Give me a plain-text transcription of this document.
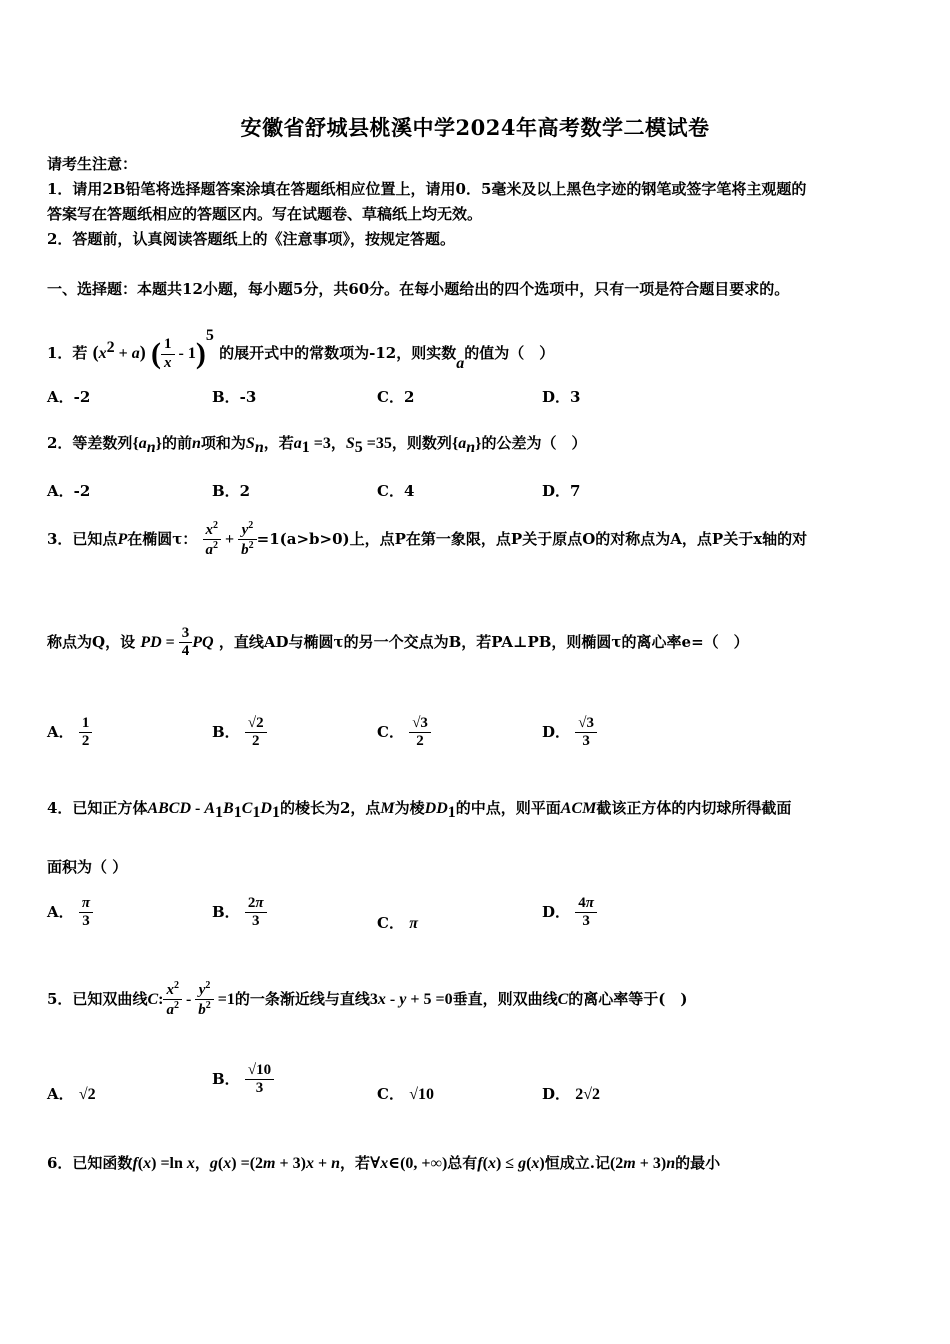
安徽省舒城县桃溪中学2024年高考数学二模试卷
请考生注意：
1．请用2B铅笔将选择题答案涂填在答题纸相应位置上，请用0．5毫米及以上黑色字迹的钢笔或签字笔将主观题的
答案写在答题纸相应的答题区内。写在试题卷、草稿纸上均无效。
2．答题前，认真阅读答题纸上的《注意事项》，按规定答题。
一、选择题：本题共12小题，每小题5分，共60分。在每小题给出的四个选项中，只有一项是符合题目要求的。
1．若 $(x^2 + a)$ ( $\frac{1}{x} - 1)^5$ 的展开式中的常数项为-12，则实数a的值为（　）
A．-2	B．-3	C．2	D．3
2．等差数列$\{a_n\}$的前n项和为$S_n$，若$a_1 =3$，$S_5 =35$，则数列$\{a_n\}$的公差为（　）
A．-2	B．2	C．4	D．7
3．已知点P在椭圆τ： $\frac{x^2}{a^2} + \frac{y^2}{b^2} =1(a>b>0)$上，点P在第一象限，点P关于原点O的对称点为A，点P关于x轴的对
称点为Q，设 PD = $\frac{3}{4}$ PQ ，直线AD与椭圆τ的另一个交点为B，若PA⊥PB，则椭圆τ的离心率e=（　）
A． $\frac{1}{2}$	B． $\frac{√2}{2}$	C． $\frac{√3}{2}$	D． $\frac{√3}{3}$
4．已知正方体ABCD - $A_1B_1C_1D_1$的棱长为2，点M为棱$DD_1$的中点，则平面ACM截该正方体的内切球所得截面
面积为（ ）
A． $\frac{\pi}{3}$	B． $\frac{2\pi}{3}$	C． π
D． $\frac{4\pi}{3}$
5．已知双曲线C: $\frac{x^2}{a^2} - \frac{y^2}{b^2} =1$的一条渐近线与直线3x - y + 5 =0垂直，则双曲线C的离心率等于(　)
A． √2
B． $\frac{√10}{3}$	C． √10	D． 2√2
6．已知函数f(x) =ln x，g(x) =(2m + 3)x + n，若∀x∈(0, +∞)总有f(x) ≤ g(x)恒成立.记(2m + 3)n的最小
